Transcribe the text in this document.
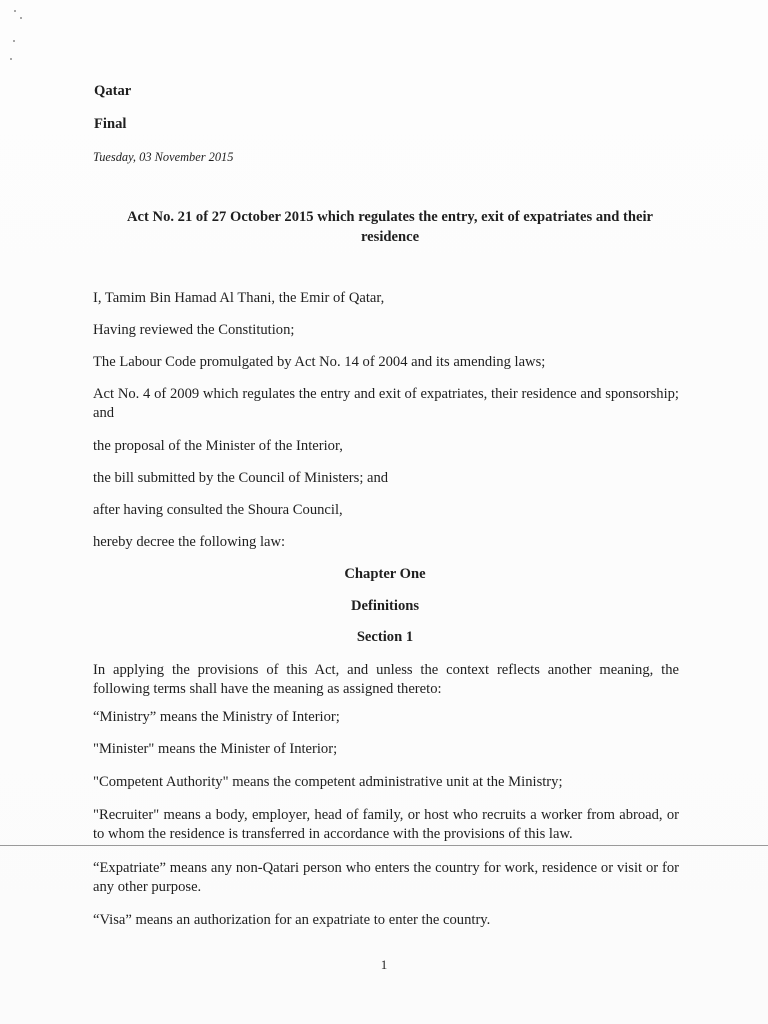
Qatar

Final

Tuesday, 03 November 2015

Act No. 21 of 27 October 2015 which regulates the entry, exit of expatriates and their

residence

I, Tamim Bin Hamad Al Thani, the Emir of Qatar,

Having reviewed the Constitution;

The Labour Code promulgated by Act No. 14 of 2004 and its amending laws;

Act No. 4 of 2009 which regulates the entry and exit of expatriates, their residence and sponsorship; and

the proposal of the Minister of the Interior,

the bill submitted by the Council of Ministers; and

after having consulted the Shoura Council,

hereby decree the following law:

Chapter One

Definitions

Section 1

In applying the provisions of this Act, and unless the context reflects another meaning, the following terms shall have the meaning as assigned thereto:

“Ministry” means the Ministry of Interior;

"Minister" means the Minister of Interior;

"Competent Authority" means the competent administrative unit at the Ministry;

"Recruiter" means a body, employer, head of family, or host who recruits a worker from abroad, or to whom the residence is transferred in accordance with the provisions of this law.

“Expatriate” means any non-Qatari person who enters the country for work, residence or visit or for any other purpose.

“Visa” means an authorization for an expatriate to enter the country.

1
